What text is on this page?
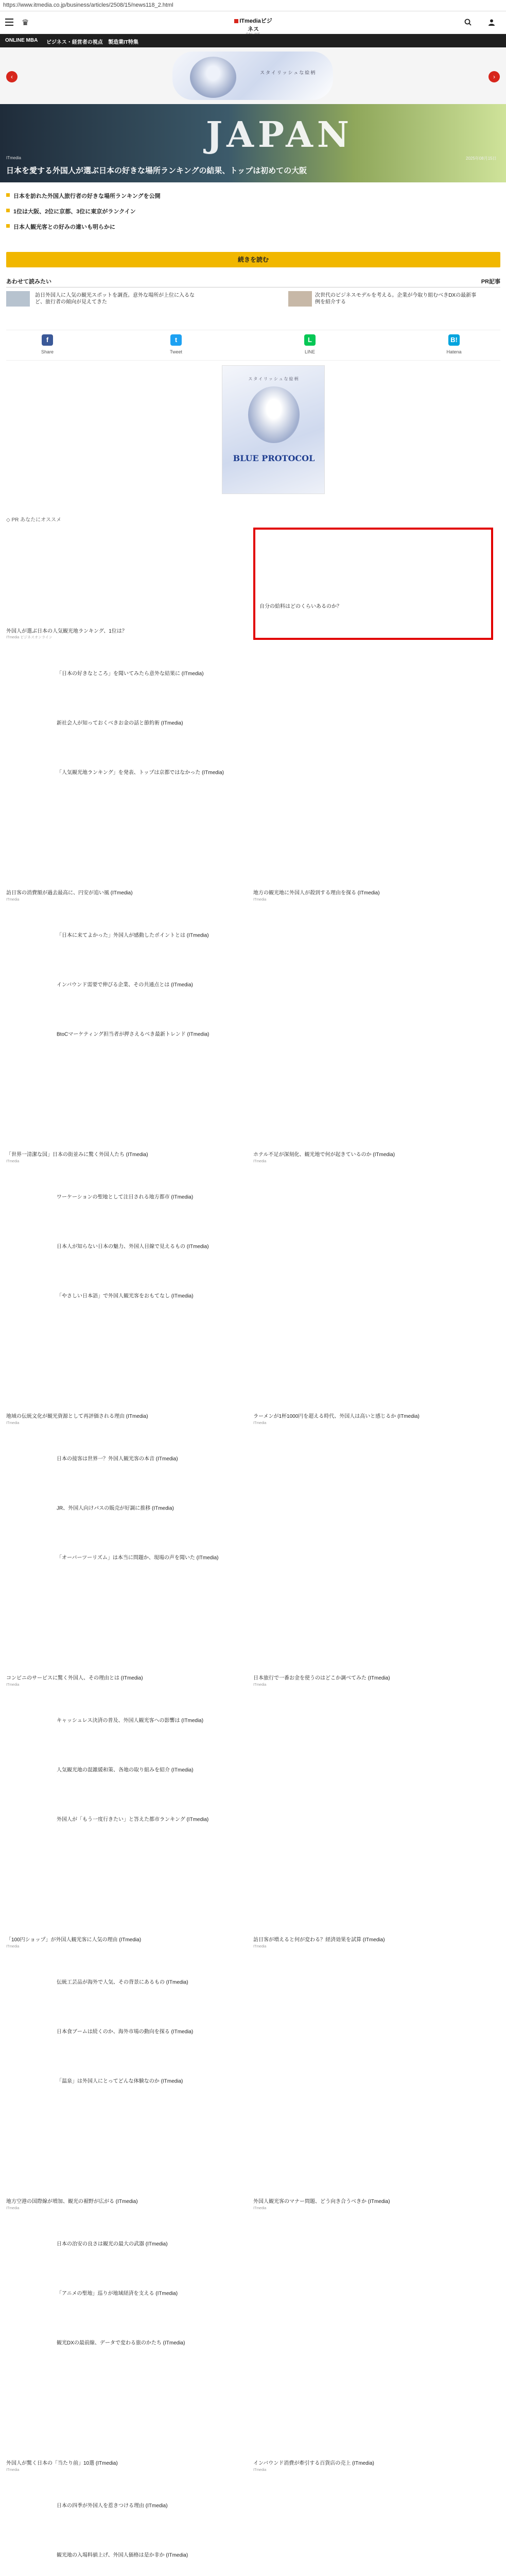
https://www.itmedia.co.jp/business/articles/2508/15/news118_2.html
♛	ITmediaビジネス
ONLINE MBA ビジネス・経営者の視点 製造業IT特集
‹
スタイリッシュな絵柄
›
JAPAN
ITmedia	2025年08月15日
日本を愛する外国人が選ぶ日本の好きな場所ランキングの結果、トップは初めての大阪
日本を訪れた外国人旅行者の好きな場所ランキングを公開
1位は大阪、2位に京都、3位に東京がランクイン
日本人観光客との好みの違いも明らかに
続きを読む
あわせて読みたい	PR記事
訪日外国人に人気の観光スポットを調査。意外な場所が上位に入るなど、旅行者の傾向が見えてきた
次世代のビジネスモデルを考える。企業が今取り組むべきDXの最新事例を紹介する
f
Share
t
Tweet
L
LINE
B!
Hatena
スタイリッシュな絵柄
BLUE PROTOCOL
◇ PR あなたにオススメ
外国人が選ぶ日本の人気観光地ランキング、1位は？
ITmedia ビジネスオンライン
「日本の好きなところ」を聞いてみたら意外な結果に (ITmedia)
新社会人が知っておくべきお金の話と節約術 (ITmedia)
「人気観光地ランキング」を発表、トップは京都ではなかった (ITmedia)
訪日客の消費額が過去最高に、円安が追い風 (ITmedia)
ITmedia
地方の観光地に外国人が殺到する理由を探る (ITmedia)
ITmedia
「日本に来てよかった」外国人が感動したポイントとは (ITmedia)
インバウンド需要で伸びる企業、その共通点とは (ITmedia)
BtoCマーケティング担当者が押さえるべき最新トレンド (ITmedia)
「世界一清潔な国」日本の街並みに驚く外国人たち (ITmedia)
ITmedia
ホテル不足が深刻化、観光地で何が起きているのか (ITmedia)
ITmedia
ワーケーションの聖地として注目される地方都市 (ITmedia)
日本人が知らない日本の魅力、外国人目線で見えるもの (ITmedia)
「やさしい日本語」で外国人観光客をおもてなし (ITmedia)
地域の伝統文化が観光資源として再評価される理由 (ITmedia)
ITmedia
ラーメンが1杯1000円を超える時代、外国人は高いと感じるか (ITmedia)
ITmedia
日本の接客は世界一？外国人観光客の本音 (ITmedia)
JR、外国人向けパスの販売が好調に推移 (ITmedia)
「オーバーツーリズム」は本当に問題か、現場の声を聞いた (ITmedia)
コンビニのサービスに驚く外国人、その理由とは (ITmedia)
ITmedia
日本旅行で一番お金を使うのはどこか調べてみた (ITmedia)
ITmedia
キャッシュレス決済の普及、外国人観光客への影響は (ITmedia)
人気観光地の混雑緩和策、各地の取り組みを紹介 (ITmedia)
外国人が「もう一度行きたい」と答えた都市ランキング (ITmedia)
「100円ショップ」が外国人観光客に人気の理由 (ITmedia)
ITmedia
訪日客が増えると何が変わる？経済効果を試算 (ITmedia)
ITmedia
伝統工芸品が海外で人気、その背景にあるもの (ITmedia)
日本食ブームは続くのか、海外市場の動向を探る (ITmedia)
「温泉」は外国人にとってどんな体験なのか (ITmedia)
地方空港の国際線が増加、観光の裾野が広がる (ITmedia)
ITmedia
外国人観光客のマナー問題、どう向き合うべきか (ITmedia)
ITmedia
日本の治安の良さは観光の最大の武器 (ITmedia)
「アニメの聖地」巡りが地域経済を支える (ITmedia)
観光DXの最前線、データで変わる旅のかたち (ITmedia)
外国人が驚く日本の「当たり前」10選 (ITmedia)
ITmedia
インバウンド消費が牽引する百貨店の売上 (ITmedia)
ITmedia
日本の四季が外国人を惹きつける理由 (ITmedia)
観光地の入場料値上げ、外国人価格は是か非か (ITmedia)
自分の給料はどのくらいあるのか？
